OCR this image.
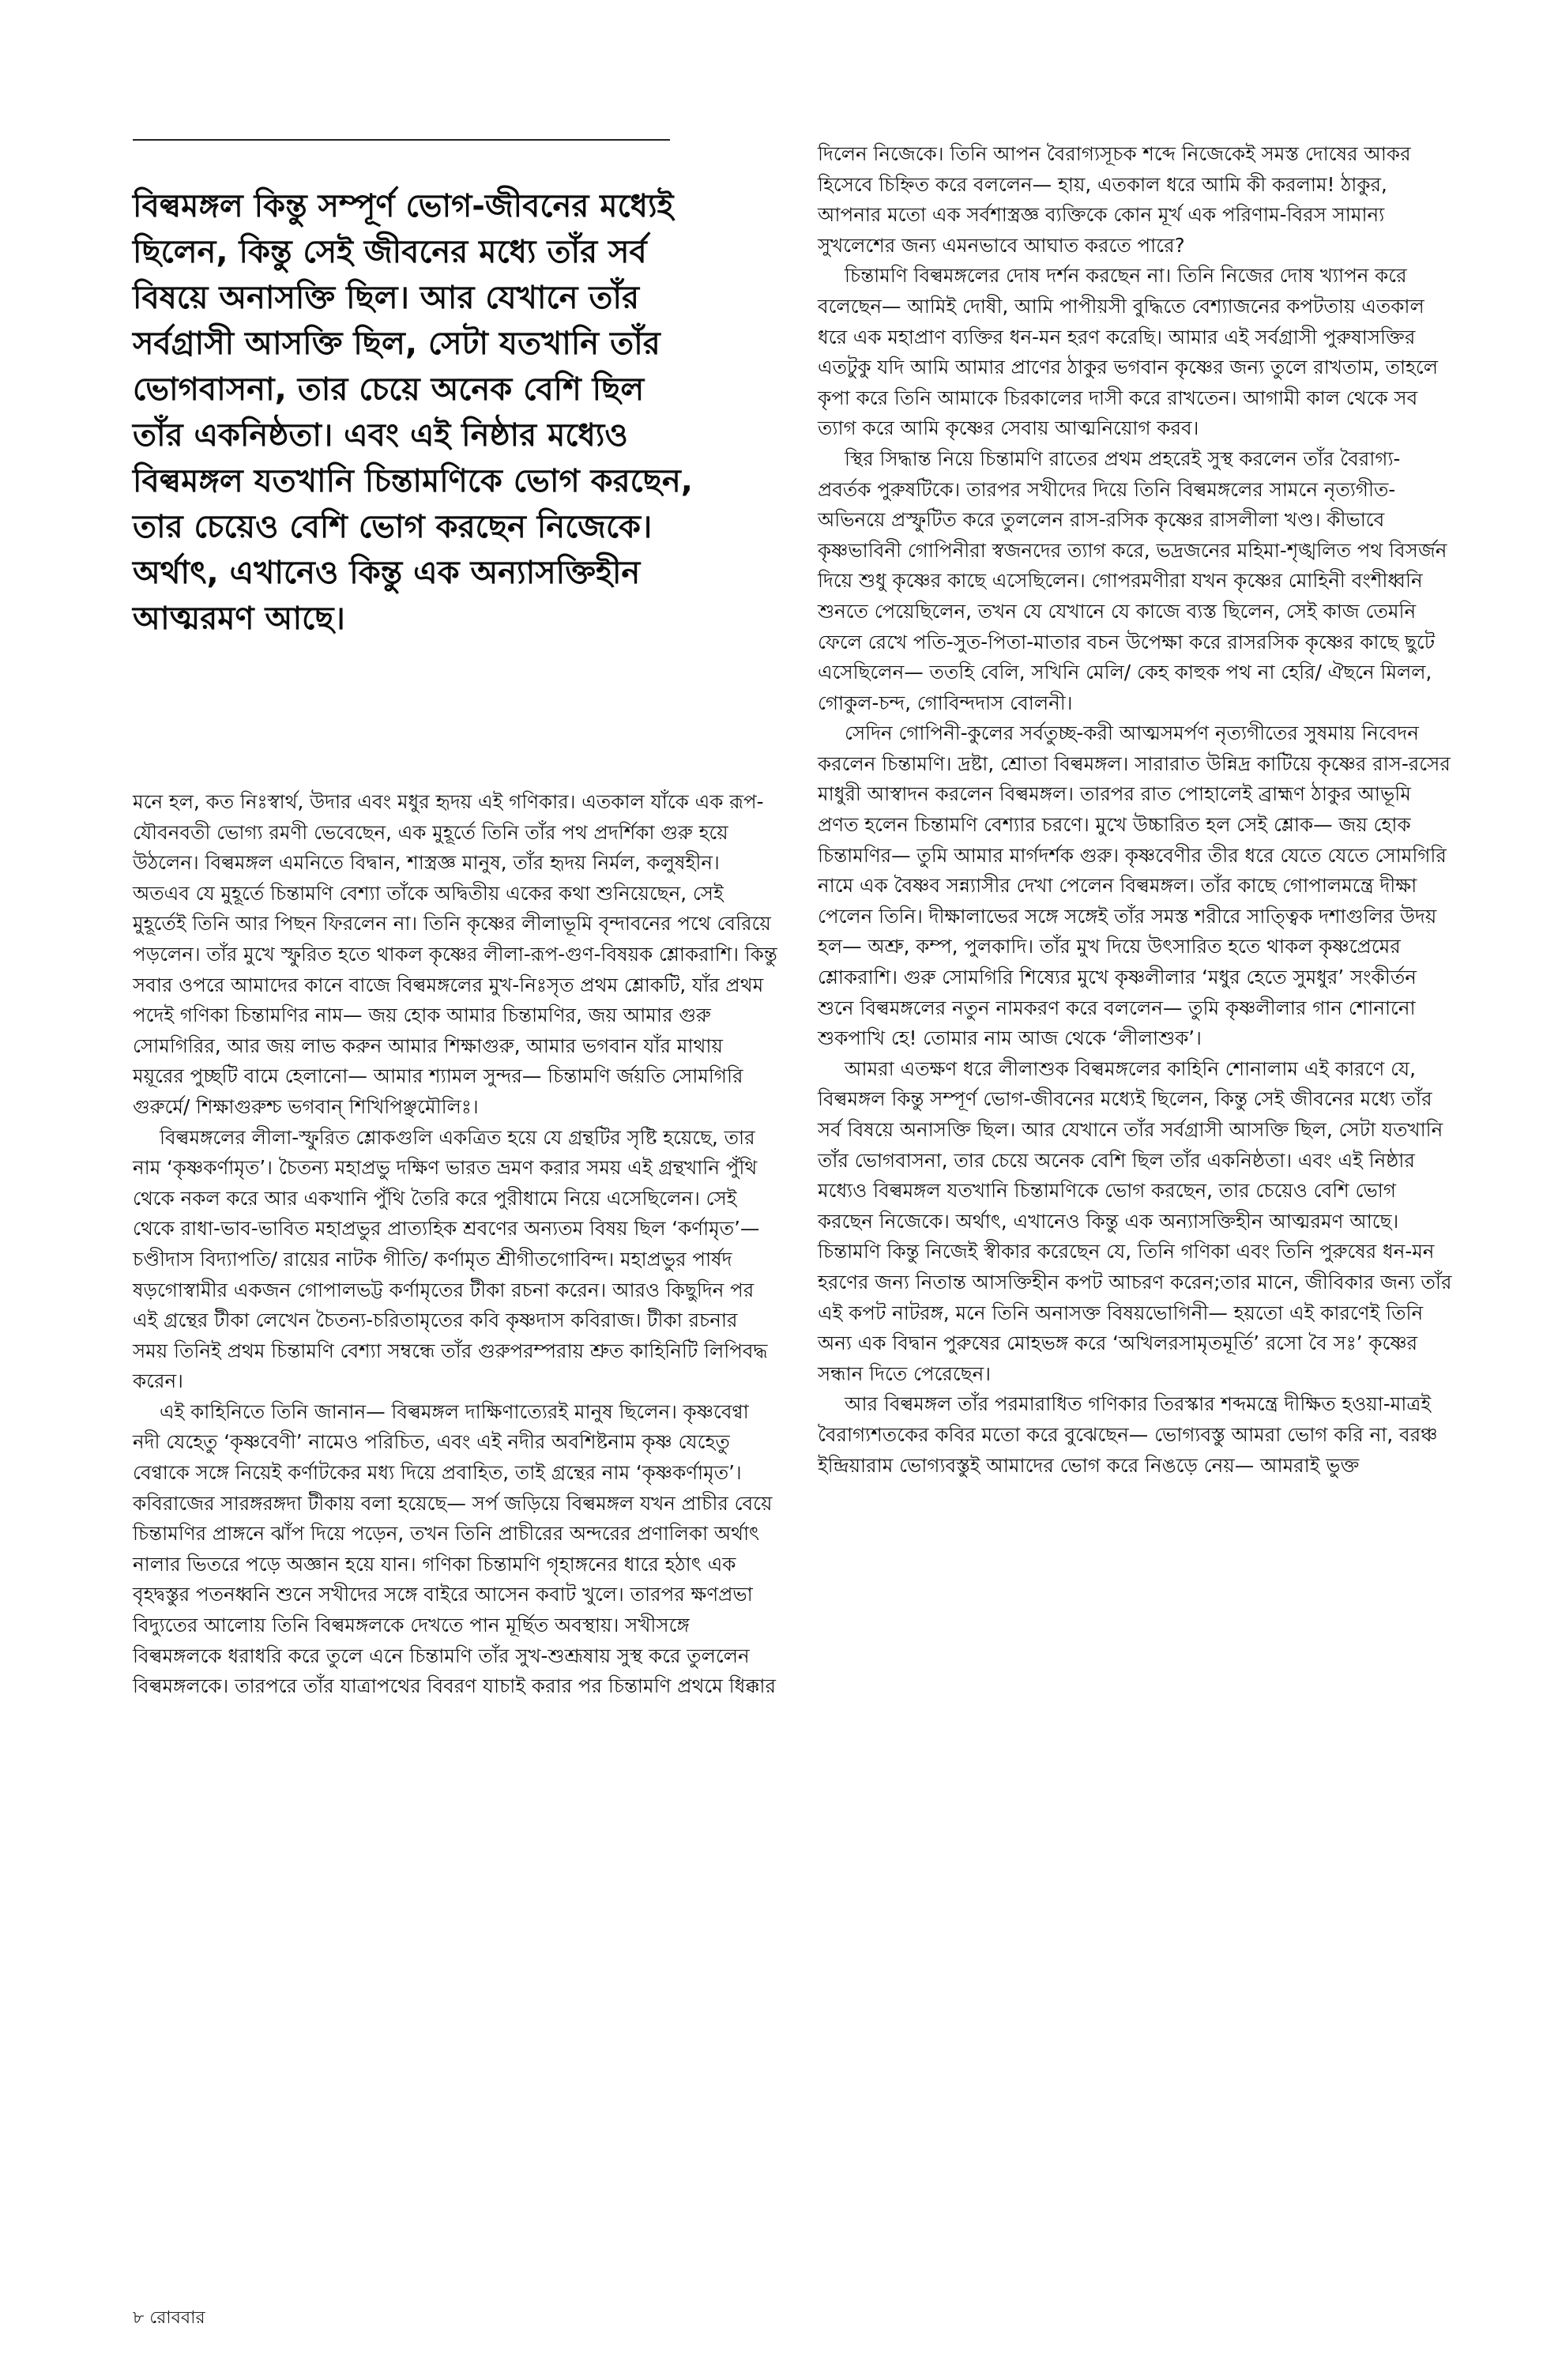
বিল্বমঙ্গল কিন্তু সম্পূর্ণ ভোগ-জীবনের মধ্যেই ছিলেন, কিন্তু সেই জীবনের মধ্যে তাঁর সর্ব বিষয়ে অনাসক্তি ছিল। আর যেখানে তাঁর সর্বগ্রাসী আসক্তি ছিল, সেটা যতখানি তাঁর ভোগবাসনা, তার চেয়ে অনেক বেশি ছিল তাঁর একনিষ্ঠতা। এবং এই নিষ্ঠার মধ্যেও বিল্বমঙ্গল যতখানি চিন্তামণিকে ভোগ করছেন, তার চেয়েও বেশি ভোগ করছেন নিজেকে। অর্থাৎ, এখানেও কিন্তু এক অন্যাসক্তিহীন আত্মরমণ আছে।

মনে হল, কত নিঃস্বার্থ, উদার এবং মধুর হৃদয় এই গণিকার। এতকাল যাঁকে এক রূপ-যৌবনবতী ভোগ্য রমণী ভেবেছেন, এক মুহূর্তে তিনি তাঁর পথ প্রদর্শিকা গুরু হয়ে উঠলেন। বিল্বমঙ্গল এমনিতে বিদ্বান, শাস্ত্রজ্ঞ মানুষ, তাঁর হৃদয় নির্মল, কলুষহীন। অতএব যে মুহূর্তে চিন্তামণি বেশ্যা তাঁকে অদ্বিতীয় একের কথা শুনিয়েছেন, সেই মুহূর্তেই তিনি আর পিছন ফিরলেন না। তিনি কৃষ্ণের লীলাভূমি বৃন্দাবনের পথে বেরিয়ে পড়লেন। তাঁর মুখে স্ফুরিত হতে থাকল কৃষ্ণের লীলা-রূপ-গুণ-বিষয়ক শ্লোকরাশি। কিন্তু সবার ওপরে আমাদের কানে বাজে বিল্বমঙ্গলের মুখ-নিঃসৃত প্রথম শ্লোকটি, যাঁর প্রথম পদেই গণিকা চিন্তামণির নাম— জয় হোক আমার চিন্তামণির, জয় আমার গুরু সোমগিরির, আর জয় লাভ করুন আমার শিক্ষাগুরু, আমার ভগবান যাঁর মাথায় ময়ূরের পুচ্ছটি বামে হেলানো— আমার শ্যামল সুন্দর— চিন্তামণি র্জয়তি সোমগিরি গুরুর্মে/ শিক্ষাগুরুশ্চ ভগবান্‌ শিখিপিঞ্ছমৌলিঃ।

বিল্বমঙ্গলের লীলা-স্ফুরিত শ্লোকগুলি একত্রিত হয়ে যে গ্রন্থটির সৃষ্টি হয়েছে, তার নাম ‘কৃষ্ণকর্ণামৃত’। চৈতন্য মহাপ্রভু দক্ষিণ ভারত ভ্রমণ করার সময় এই গ্রন্থখানি পুঁথি থেকে নকল করে আর একখানি পুঁথি তৈরি করে পুরীধামে নিয়ে এসেছিলেন। সেই থেকে রাধা-ভাব-ভাবিত মহাপ্রভুর প্রাত্যহিক শ্রবণের অন্যতম বিষয় ছিল ‘কর্ণামৃত’— চণ্ডীদাস বিদ্যাপতি/ রায়ের নাটক গীতি/ কর্ণামৃত শ্রীগীতগোবিন্দ। মহাপ্রভুর পার্ষদ ষড়গোস্বামীর একজন গোপালভট্ট কর্ণামৃতের টীকা রচনা করেন। আরও কিছুদিন পর এই গ্রন্থের টীকা লেখেন চৈতন্য-চরিতামৃতের কবি কৃষ্ণদাস কবিরাজ। টীকা রচনার সময় তিনিই প্রথম চিন্তামণি বেশ্যা সম্বন্ধে তাঁর গুরুপরম্পরায় শ্রুত কাহিনিটি লিপিবদ্ধ করেন।

এই কাহিনিতে তিনি জানান— বিল্বমঙ্গল দাক্ষিণাত্যেরই মানুষ ছিলেন। কৃষ্ণবেণ্বা নদী যেহেতু ‘কৃষ্ণবেণী’ নামেও পরিচিত, এবং এই নদীর অবশিষ্টনাম কৃষ্ণ যেহেতু বেণ্বাকে সঙ্গে নিয়েই কর্ণাটকের মধ্য দিয়ে প্রবাহিত, তাই গ্রন্থের নাম ‘কৃষ্ণকর্ণামৃত’। কবিরাজের সারঙ্গরঙ্গদা টীকায় বলা হয়েছে— সর্প জড়িয়ে বিল্বমঙ্গল যখন প্রাচীর বেয়ে চিন্তামণির প্রাঙ্গনে ঝাঁপ দিয়ে পড়েন, তখন তিনি প্রাচীরের অন্দরের প্রণালিকা অর্থাৎ নালার ভিতরে পড়ে অজ্ঞান হয়ে যান। গণিকা চিন্তামণি গৃহাঙ্গনের ধারে হঠাৎ এক বৃহদ্বস্তুর পতনধ্বনি শুনে সখীদের সঙ্গে বাইরে আসেন কবাট খুলে। তারপর ক্ষণপ্রভা বিদ্যুতের আলোয় তিনি বিল্বমঙ্গলকে দেখতে পান মূর্ছিত অবস্থায়। সখীসঙ্গে বিল্বমঙ্গলকে ধরাধরি করে তুলে এনে চিন্তামণি তাঁর সুখ-শুশ্রূষায় সুস্থ করে তুললেন বিল্বমঙ্গলকে। তারপরে তাঁর যাত্রাপথের বিবরণ যাচাই করার পর চিন্তামণি প্রথমে ধিক্কার

দিলেন নিজেকে। তিনি আপন বৈরাগ্যসূচক শব্দে নিজেকেই সমস্ত দোষের আকর হিসেবে চিহ্নিত করে বললেন— হায়, এতকাল ধরে আমি কী করলাম! ঠাকুর, আপনার মতো এক সর্বশাস্ত্রজ্ঞ ব্যক্তিকে কোন মূর্খ এক পরিণাম-বিরস সামান্য সুখলেশের জন্য এমনভাবে আঘাত করতে পারে?

চিন্তামণি বিল্বমঙ্গলের দোষ দর্শন করছেন না। তিনি নিজের দোষ খ্যাপন করে বলেছেন— আমিই দোষী, আমি পাপীয়সী বুদ্ধিতে বেশ্যাজনের কপটতায় এতকাল ধরে এক মহাপ্রাণ ব্যক্তির ধন-মন হরণ করেছি। আমার এই সর্বগ্রাসী পুরুষাসক্তির এতটুকু যদি আমি আমার প্রাণের ঠাকুর ভগবান কৃষ্ণের জন্য তুলে রাখতাম, তাহলে কৃপা করে তিনি আমাকে চিরকালের দাসী করে রাখতেন। আগামী কাল থেকে সব ত্যাগ করে আমি কৃষ্ণের সেবায় আত্মনিয়োগ করব।

স্থির সিদ্ধান্ত নিয়ে চিন্তামণি রাতের প্রথম প্রহরেই সুস্থ করলেন তাঁর বৈরাগ্য-প্রবর্তক পুরুষটিকে। তারপর সখীদের দিয়ে তিনি বিল্বমঙ্গলের সামনে নৃত্যগীত-অভিনয়ে প্রস্ফুটিত করে তুললেন রাস-রসিক কৃষ্ণের রাসলীলা খণ্ড। কীভাবে কৃষ্ণভাবিনী গোপিনীরা স্বজনদের ত্যাগ করে, ভদ্রজনের মহিমা-শৃঙ্খলিত পথ বিসর্জন দিয়ে শুধু কৃষ্ণের কাছে এসেছিলেন। গোপরমণীরা যখন কৃষ্ণের মোহিনী বংশীধ্বনি শুনতে পেয়েছিলেন, তখন যে যেখানে যে কাজে ব্যস্ত ছিলেন, সেই কাজ তেমনি ফেলে রেখে পতি-সুত-পিতা-মাতার বচন উপেক্ষা করে রাসরসিক কৃষ্ণের কাছে ছুটে এসেছিলেন— ততহি বেলি, সখিনি মেলি/ কেহ কাহুক পথ না হেরি/ ঐছনে মিলল, গোকুল-চন্দ, গোবিন্দদাস বোলনী।

সেদিন গোপিনী-কুলের সর্বতুচ্ছ-করী আত্মসমর্পণ নৃত্যগীতের সুষমায় নিবেদন করলেন চিন্তামণি। দ্রষ্টা, শ্রোতা বিল্বমঙ্গল। সারারাত উন্নিদ্র কাটিয়ে কৃষ্ণের রাস-রসের মাধুরী আস্বাদন করলেন বিল্বমঙ্গল। তারপর রাত পোহালেই ব্রাহ্মণ ঠাকুর আভূমি প্রণত হলেন চিন্তামণি বেশ্যার চরণে। মুখে উচ্চারিত হল সেই শ্লোক— জয় হোক চিন্তামণির— তুমি আমার মার্গদর্শক গুরু। কৃষ্ণবেণীর তীর ধরে যেতে যেতে সোমগিরি নামে এক বৈষ্ণব সন্ন্যাসীর দেখা পেলেন বিল্বমঙ্গল। তাঁর কাছে গোপালমন্ত্রে দীক্ষা পেলেন তিনি। দীক্ষালাভের সঙ্গে সঙ্গেই তাঁর সমস্ত শরীরে সাত্ত্বিক দশাগুলির উদয় হল— অশ্রু, কম্প, পুলকাদি। তাঁর মুখ দিয়ে উৎসারিত হতে থাকল কৃষ্ণপ্রেমের শ্লোকরাশি। গুরু সোমগিরি শিষ্যের মুখে কৃষ্ণলীলার ‘মধুর হেতে সুমধুর’ সংকীর্তন শুনে বিল্বমঙ্গলের নতুন নামকরণ করে বললেন— তুমি কৃষ্ণলীলার গান শোনানো শুকপাখি হে! তোমার নাম আজ থেকে ‘লীলাশুক’।

আমরা এতক্ষণ ধরে লীলাশুক বিল্বমঙ্গলের কাহিনি শোনালাম এই কারণে যে, বিল্বমঙ্গল কিন্তু সম্পূর্ণ ভোগ-জীবনের মধ্যেই ছিলেন, কিন্তু সেই জীবনের মধ্যে তাঁর সর্ব বিষয়ে অনাসক্তি ছিল। আর যেখানে তাঁর সর্বগ্রাসী আসক্তি ছিল, সেটা যতখানি তাঁর ভোগবাসনা, তার চেয়ে অনেক বেশি ছিল তাঁর একনিষ্ঠতা। এবং এই নিষ্ঠার মধ্যেও বিল্বমঙ্গল যতখানি চিন্তামণিকে ভোগ করছেন, তার চেয়েও বেশি ভোগ করছেন নিজেকে। অর্থাৎ, এখানেও কিন্তু এক অন্যাসক্তিহীন আত্মরমণ আছে। চিন্তামণি কিন্তু নিজেই স্বীকার করেছেন যে, তিনি গণিকা এবং তিনি পুরুষের ধন-মন হরণের জন্য নিতান্ত আসক্তিহীন কপট আচরণ করেন;তার মানে, জীবিকার জন্য তাঁর এই কপট নাটরঙ্গ, মনে তিনি অনাসক্ত বিষয়ভোগিনী— হয়তো এই কারণেই তিনি অন্য এক বিদ্বান পুরুষের মোহভঙ্গ করে ‘অখিলরসামৃতমূর্তি’ রসো বৈ সঃ’ কৃষ্ণের সন্ধান দিতে পেরেছেন।

আর বিল্বমঙ্গল তাঁর পরমারাধিত গণিকার তিরস্কার শব্দমন্ত্রে দীক্ষিত হওয়া-মাত্রই বৈরাগ্যশতকের কবির মতো করে বুঝেছেন— ভোগ্যবস্তু আমরা ভোগ করি না, বরঞ্চ ইন্দ্রিয়ারাম ভোগ্যবস্তুই আমাদের ভোগ করে নিঙড়ে নেয়— আমরাই ভুক্ত

৮ রোববার
